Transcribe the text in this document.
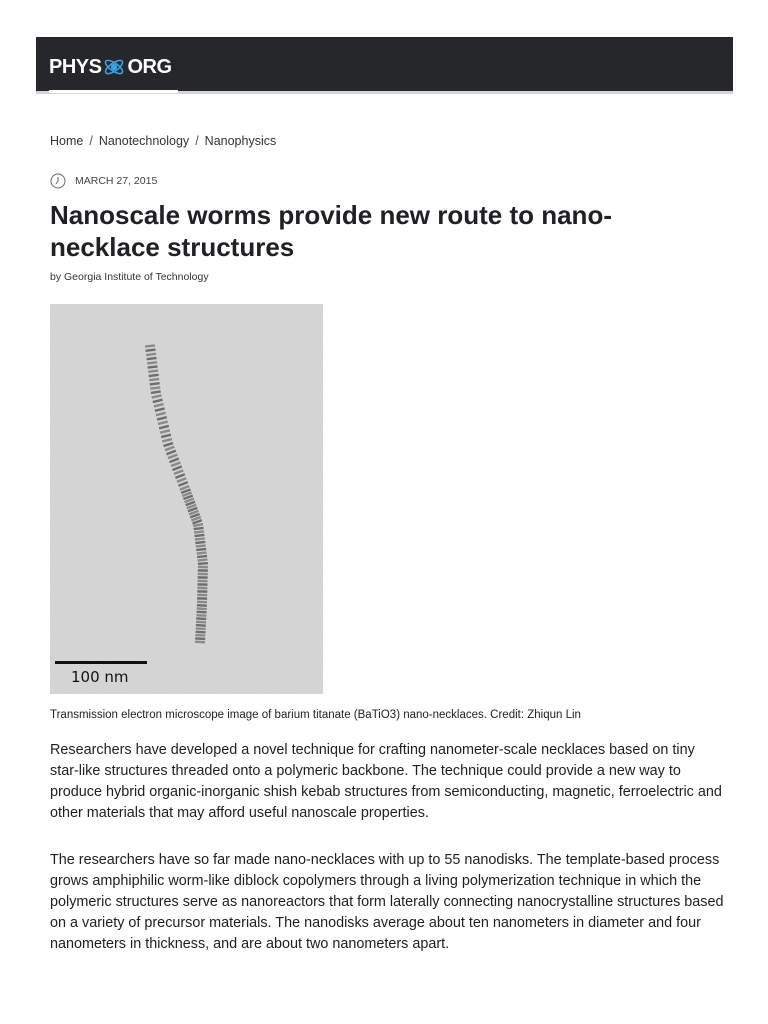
PHYS ORG
Home / Nanotechnology / Nanophysics
MARCH 27, 2015
Nanoscale worms provide new route to nano-necklace structures
by Georgia Institute of Technology
100 nm
Transmission electron microscope image of barium titanate (BaTiO3) nano-necklaces. Credit: Zhiqun Lin

Researchers have developed a novel technique for crafting nanometer-scale necklaces based on tiny star-like structures threaded onto a polymeric backbone. The technique could provide a new way to produce hybrid organic-inorganic shish kebab structures from semiconducting, magnetic, ferroelectric and other materials that may afford useful nanoscale properties.

The researchers have so far made nano-necklaces with up to 55 nanodisks. The template-based process grows amphiphilic worm-like diblock copolymers through a living polymerization technique in which the polymeric structures serve as nanoreactors that form laterally connecting nanocrystalline structures based on a variety of precursor materials. The nanodisks average about ten nanometers in diameter and four nanometers in thickness, and are about two nanometers apart.
